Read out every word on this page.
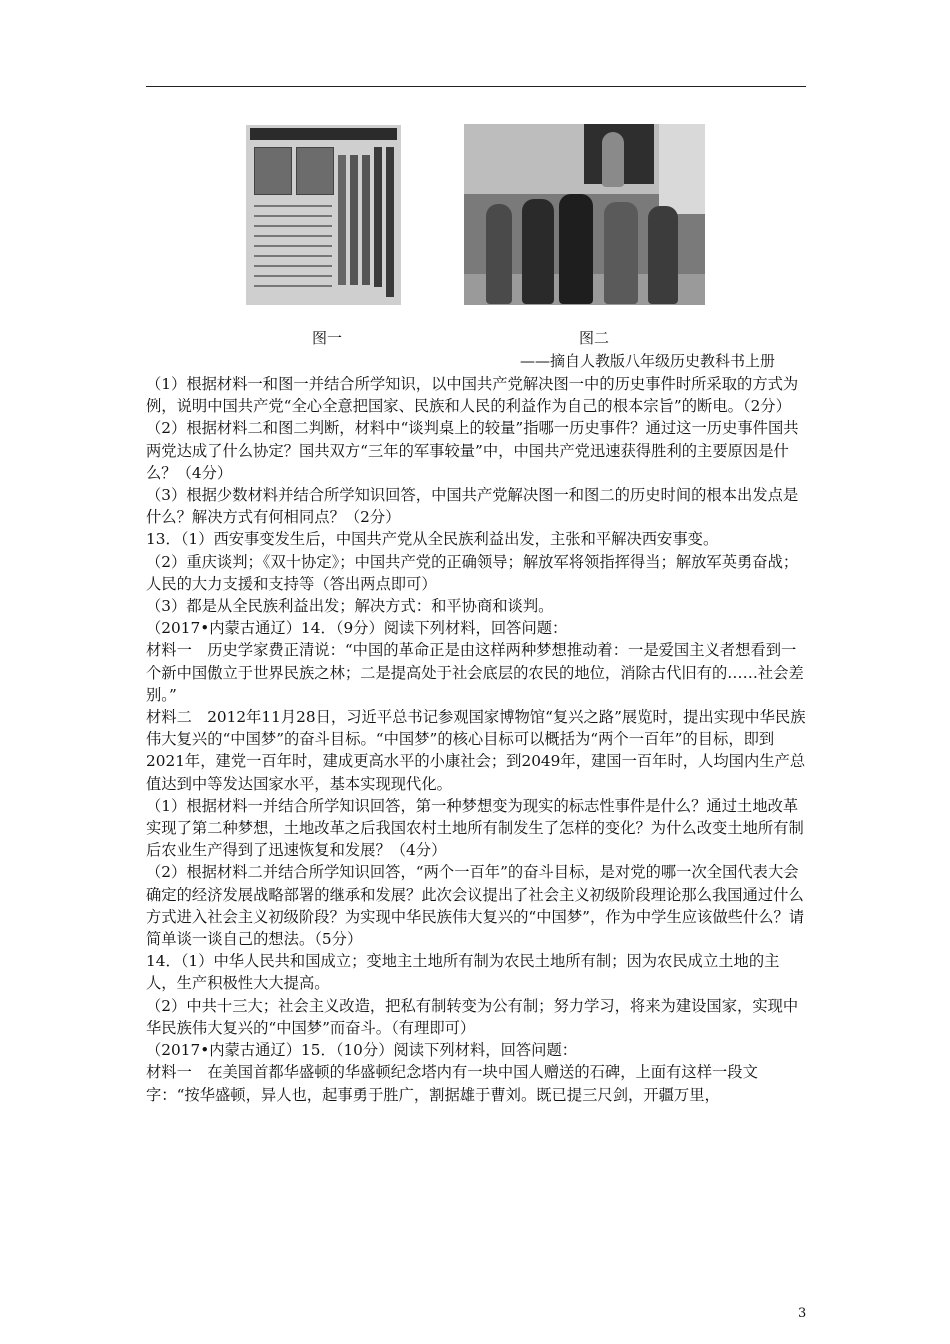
图一	图二
——摘自人教版八年级历史教科书上册

（1）根据材料一和图一并结合所学知识，以中国共产党解决图一中的历史事件时所采取的方式为例，说明中国共产党“全心全意把国家、民族和人民的利益作为自己的根本宗旨”的断电。（2分）

（2）根据材料二和图二判断，材料中“谈判桌上的较量”指哪一历史事件？通过这一历史事件国共两党达成了什么协定？国共双方“三年的军事较量”中，中国共产党迅速获得胜利的主要原因是什么？（4分）

（3）根据少数材料并结合所学知识回答，中国共产党解决图一和图二的历史时间的根本出发点是什么？解决方式有何相同点？（2分）

13．（1）西安事变发生后，中国共产党从全民族利益出发，主张和平解决西安事变。

（2）重庆谈判；《双十协定》；中国共产党的正确领导；解放军将领指挥得当；解放军英勇奋战；人民的大力支援和支持等（答出两点即可）

（3）都是从全民族利益出发；解决方式：和平协商和谈判。

（2017•内蒙古通辽）14．（9分）阅读下列材料，回答问题：

材料一　历史学家费正清说：“中国的革命正是由这样两种梦想推动着：一是爱国主义者想看到一个新中国傲立于世界民族之林；二是提高处于社会底层的农民的地位，消除古代旧有的……社会差别。”

材料二　2012年11月28日，习近平总书记参观国家博物馆“复兴之路”展览时，提出实现中华民族伟大复兴的“中国梦”的奋斗目标。“中国梦”的核心目标可以概括为“两个一百年”的目标，即到2021年，建党一百年时，建成更高水平的小康社会；到2049年，建国一百年时，人均国内生产总值达到中等发达国家水平，基本实现现代化。

（1）根据材料一并结合所学知识回答，第一种梦想变为现实的标志性事件是什么？通过土地改革实现了第二种梦想，土地改革之后我国农村土地所有制发生了怎样的变化？为什么改变土地所有制后农业生产得到了迅速恢复和发展？（4分）

（2）根据材料二并结合所学知识回答，“两个一百年”的奋斗目标，是对党的哪一次全国代表大会确定的经济发展战略部署的继承和发展？此次会议提出了社会主义初级阶段理论那么我国通过什么方式进入社会主义初级阶段？为实现中华民族伟大复兴的“中国梦”，作为中学生应该做些什么？请简单谈一谈自己的想法。（5分）

14．（1）中华人民共和国成立；变地主土地所有制为农民土地所有制；因为农民成立土地的主人，生产积极性大大提高。

（2）中共十三大；社会主义改造，把私有制转变为公有制；努力学习，将来为建设国家，实现中华民族伟大复兴的“中国梦”而奋斗。（有理即可）

（2017•内蒙古通辽）15．（10分）阅读下列材料，回答问题：

材料一　在美国首都华盛顿的华盛顿纪念塔内有一块中国人赠送的石碑，上面有这样一段文字：“按华盛顿，异人也，起事勇于胜广，割据雄于曹刘。既已提三尺剑，开疆万里，

3
